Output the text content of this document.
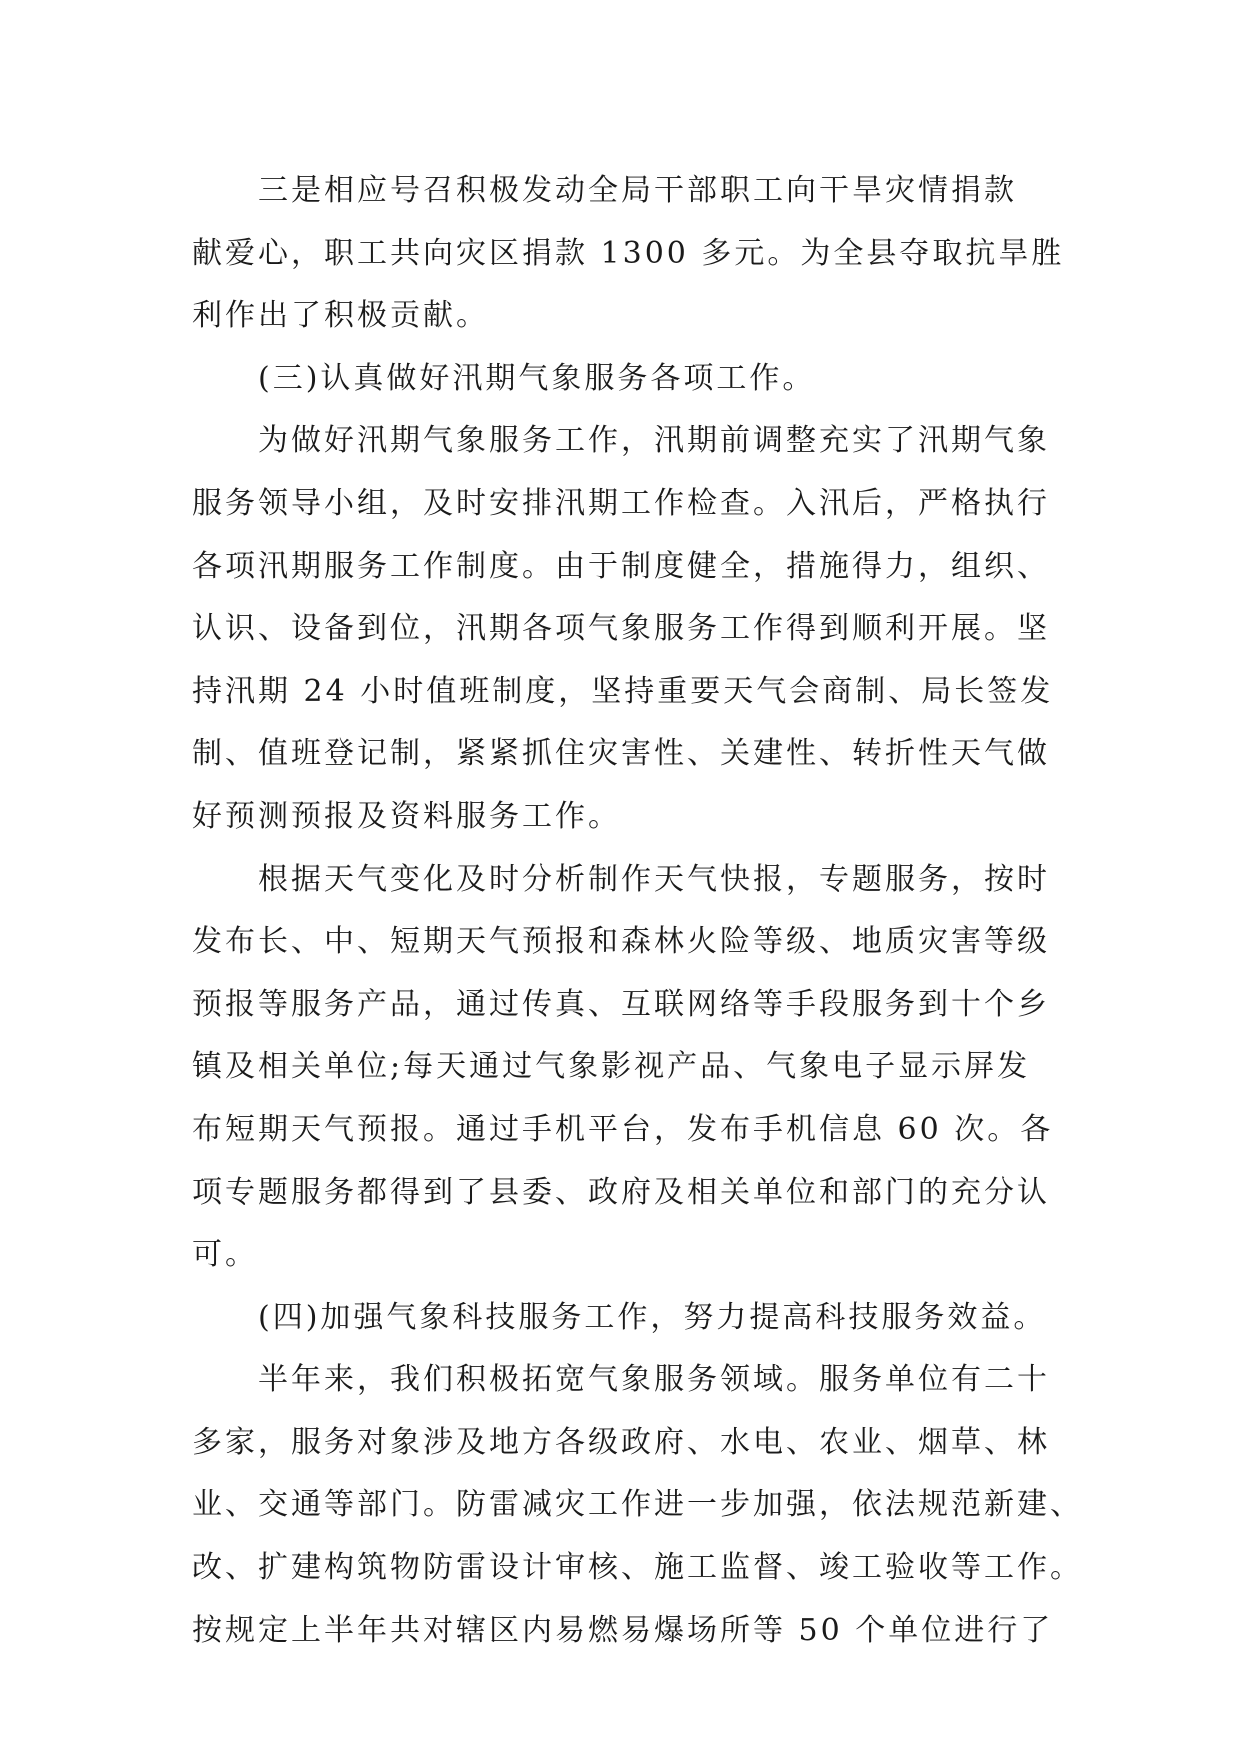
三是相应号召积极发动全局干部职工向干旱灾情捐款
献爱心，职工共向灾区捐款 1300 多元。为全县夺取抗旱胜
利作出了积极贡献。
(三)认真做好汛期气象服务各项工作。
为做好汛期气象服务工作，汛期前调整充实了汛期气象
服务领导小组，及时安排汛期工作检查。入汛后，严格执行
各项汛期服务工作制度。由于制度健全，措施得力，组织、
认识、设备到位，汛期各项气象服务工作得到顺利开展。坚
持汛期 24 小时值班制度，坚持重要天气会商制、局长签发
制、值班登记制，紧紧抓住灾害性、关建性、转折性天气做
好预测预报及资料服务工作。
根据天气变化及时分析制作天气快报，专题服务，按时
发布长、中、短期天气预报和森林火险等级、地质灾害等级
预报等服务产品，通过传真、互联网络等手段服务到十个乡
镇及相关单位;每天通过气象影视产品、气象电子显示屏发
布短期天气预报。通过手机平台，发布手机信息 60 次。各
项专题服务都得到了县委、政府及相关单位和部门的充分认
可。
(四)加强气象科技服务工作，努力提高科技服务效益。
半年来，我们积极拓宽气象服务领域。服务单位有二十
多家，服务对象涉及地方各级政府、水电、农业、烟草、林
业、交通等部门。防雷减灾工作进一步加强，依法规范新建、
改、扩建构筑物防雷设计审核、施工监督、竣工验收等工作。
按规定上半年共对辖区内易燃易爆场所等 50 个单位进行了
